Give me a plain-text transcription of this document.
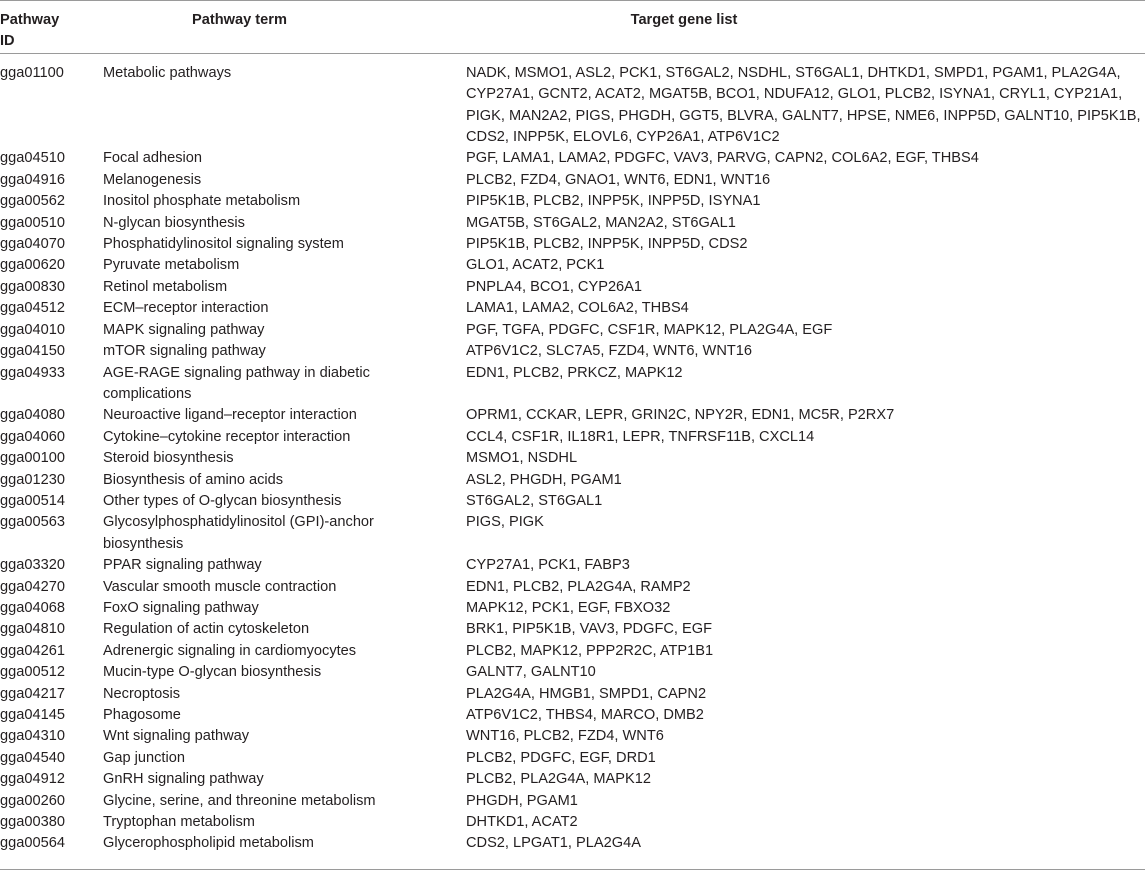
Pathway ID	Pathway term	Target gene list
gga01100	Metabolic pathways	NADK, MSMO1, ASL2, PCK1, ST6GAL2, NSDHL, ST6GAL1, DHTKD1, SMPD1, PGAM1, PLA2G4A, CYP27A1, GCNT2, ACAT2, MGAT5B, BCO1, NDUFA12, GLO1, PLCB2, ISYNA1, CRYL1, CYP21A1, PIGK, MAN2A2, PIGS, PHGDH, GGT5, BLVRA, GALNT7, HPSE, NME6, INPP5D, GALNT10, PIP5K1B, CDS2, INPP5K, ELOVL6, CYP26A1, ATP6V1C2
gga04510	Focal adhesion	PGF, LAMA1, LAMA2, PDGFC, VAV3, PARVG, CAPN2, COL6A2, EGF, THBS4
gga04916	Melanogenesis	PLCB2, FZD4, GNAO1, WNT6, EDN1, WNT16
gga00562	Inositol phosphate metabolism	PIP5K1B, PLCB2, INPP5K, INPP5D, ISYNA1
gga00510	N-glycan biosynthesis	MGAT5B, ST6GAL2, MAN2A2, ST6GAL1
gga04070	Phosphatidylinositol signaling system	PIP5K1B, PLCB2, INPP5K, INPP5D, CDS2
gga00620	Pyruvate metabolism	GLO1, ACAT2, PCK1
gga00830	Retinol metabolism	PNPLA4, BCO1, CYP26A1
gga04512	ECM–receptor interaction	LAMA1, LAMA2, COL6A2, THBS4
gga04010	MAPK signaling pathway	PGF, TGFA, PDGFC, CSF1R, MAPK12, PLA2G4A, EGF
gga04150	mTOR signaling pathway	ATP6V1C2, SLC7A5, FZD4, WNT6, WNT16
gga04933	AGE-RAGE signaling pathway in diabetic complications	EDN1, PLCB2, PRKCZ, MAPK12
gga04080	Neuroactive ligand–receptor interaction	OPRM1, CCKAR, LEPR, GRIN2C, NPY2R, EDN1, MC5R, P2RX7
gga04060	Cytokine–cytokine receptor interaction	CCL4, CSF1R, IL18R1, LEPR, TNFRSF11B, CXCL14
gga00100	Steroid biosynthesis	MSMO1, NSDHL
gga01230	Biosynthesis of amino acids	ASL2, PHGDH, PGAM1
gga00514	Other types of O-glycan biosynthesis	ST6GAL2, ST6GAL1
gga00563	Glycosylphosphatidylinositol (GPI)-anchor biosynthesis	PIGS, PIGK
gga03320	PPAR signaling pathway	CYP27A1, PCK1, FABP3
gga04270	Vascular smooth muscle contraction	EDN1, PLCB2, PLA2G4A, RAMP2
gga04068	FoxO signaling pathway	MAPK12, PCK1, EGF, FBXO32
gga04810	Regulation of actin cytoskeleton	BRK1, PIP5K1B, VAV3, PDGFC, EGF
gga04261	Adrenergic signaling in cardiomyocytes	PLCB2, MAPK12, PPP2R2C, ATP1B1
gga00512	Mucin-type O-glycan biosynthesis	GALNT7, GALNT10
gga04217	Necroptosis	PLA2G4A, HMGB1, SMPD1, CAPN2
gga04145	Phagosome	ATP6V1C2, THBS4, MARCO, DMB2
gga04310	Wnt signaling pathway	WNT16, PLCB2, FZD4, WNT6
gga04540	Gap junction	PLCB2, PDGFC, EGF, DRD1
gga04912	GnRH signaling pathway	PLCB2, PLA2G4A, MAPK12
gga00260	Glycine, serine, and threonine metabolism	PHGDH, PGAM1
gga00380	Tryptophan metabolism	DHTKD1, ACAT2
gga00564	Glycerophospholipid metabolism	CDS2, LPGAT1, PLA2G4A
